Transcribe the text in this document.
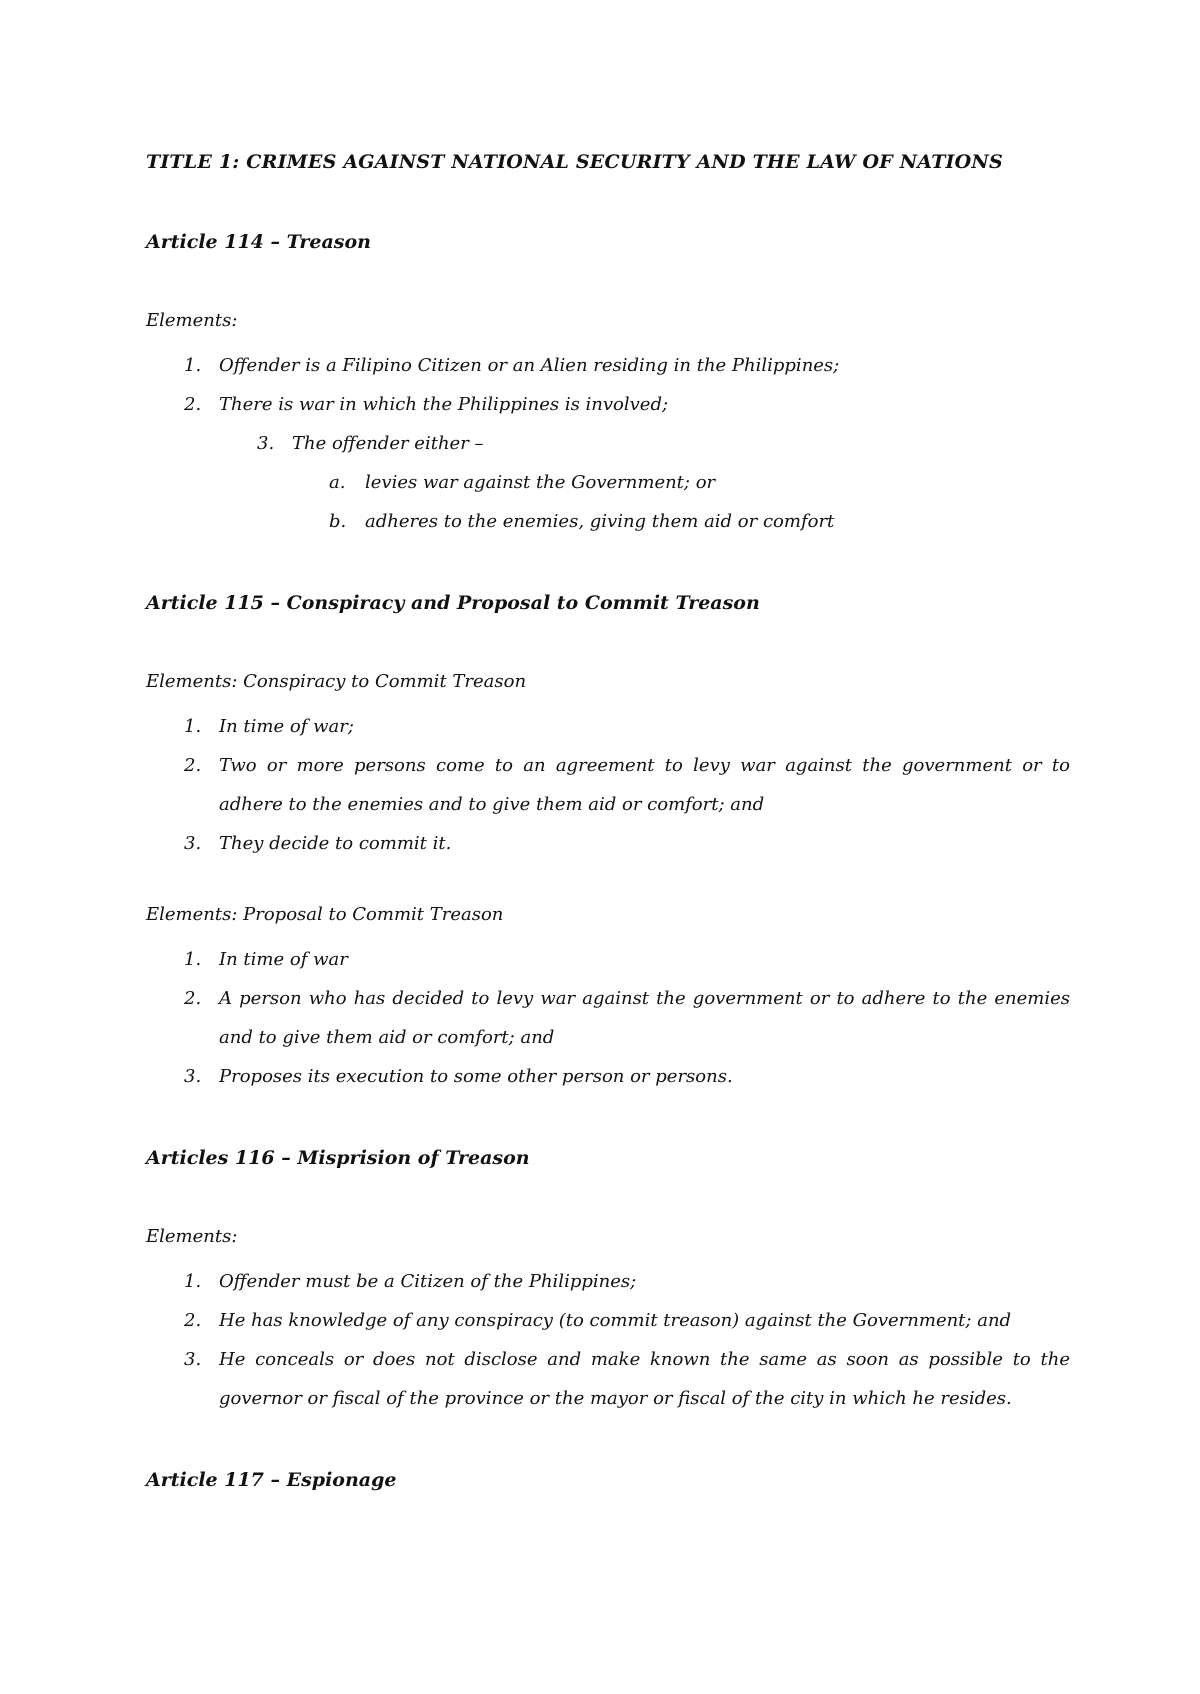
TITLE 1: CRIMES AGAINST NATIONAL SECURITY AND THE LAW OF NATIONS
Article 114 – Treason
Elements:
1. Offender is a Filipino Citizen or an Alien residing in the Philippines;
2. There is war in which the Philippines is involved;
3. The offender either –
a. levies war against the Government; or
b. adheres to the enemies, giving them aid or comfort
Article 115 – Conspiracy and Proposal to Commit Treason
Elements: Conspiracy to Commit Treason
1. In time of war;
2. Two or more persons come to an agreement to levy war against the government or to adhere to the enemies and to give them aid or comfort; and
3. They decide to commit it.
Elements: Proposal to Commit Treason
1. In time of war
2. A person who has decided to levy war against the government or to adhere to the enemies and to give them aid or comfort; and
3. Proposes its execution to some other person or persons.
Articles 116 – Misprision of Treason
Elements:
1. Offender must be a Citizen of the Philippines;
2. He has knowledge of any conspiracy (to commit treason) against the Government; and
3. He conceals or does not disclose and make known the same as soon as possible to the governor or fiscal of the province or the mayor or fiscal of the city in which he resides.
Article 117 – Espionage
